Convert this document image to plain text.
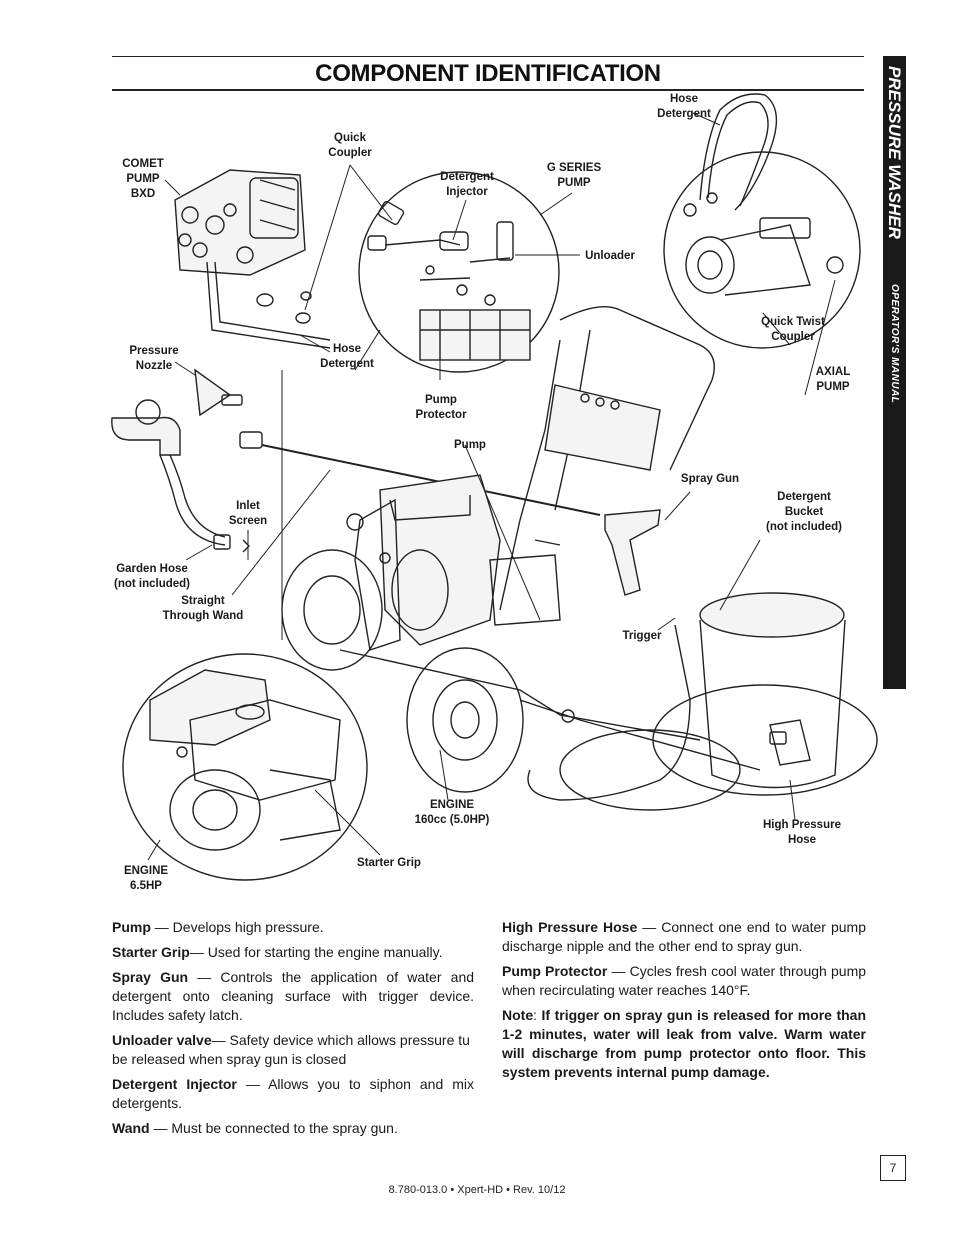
COMPONENT IDENTIFICATION	PRESSURE WASHER
OPERATOR'S MANUAL
Hose
Detergent
Quick
Coupler
COMET
PUMP
BXD
Detergent
Injector
G SERIES
PUMP
Unloader
Quick Twist
Coupler
AXIAL
PUMP
Pressure
Nozzle
Hose
Detergent
Pump
Protector
Pump
Spray Gun
Detergent
Bucket
(not included)
Inlet
Screen
Garden Hose
(not included)
Straight
Through Wand
Trigger
ENGINE
160cc (5.0HP)	High Pressure
Hose
Starter Grip
ENGINE
6.5HP

Pump — Develops high pressure.

Starter Grip— Used for starting the engine manually.

Spray Gun — Controls the application of water and detergent onto cleaning surface with trigger device. Includes safety latch.

Unloader valve— Safety device which allows pressure tu be released when spray gun is closed

Detergent Injector — Allows you to siphon and mix detergents.

Wand — Must be connected to the spray gun.

High Pressure Hose — Connect one end to water pump discharge nipple and the other end to spray gun.

Pump Protector — Cycles fresh cool water through pump when recirculating water reaches 140°F.

Note: If trigger on spray gun is released for more than 1-2 minutes, water will leak from valve. Warm water will discharge from pump protector onto floor. This system prevents internal pump damage.

7
8.780-013.0 • Xpert-HD • Rev. 10/12
